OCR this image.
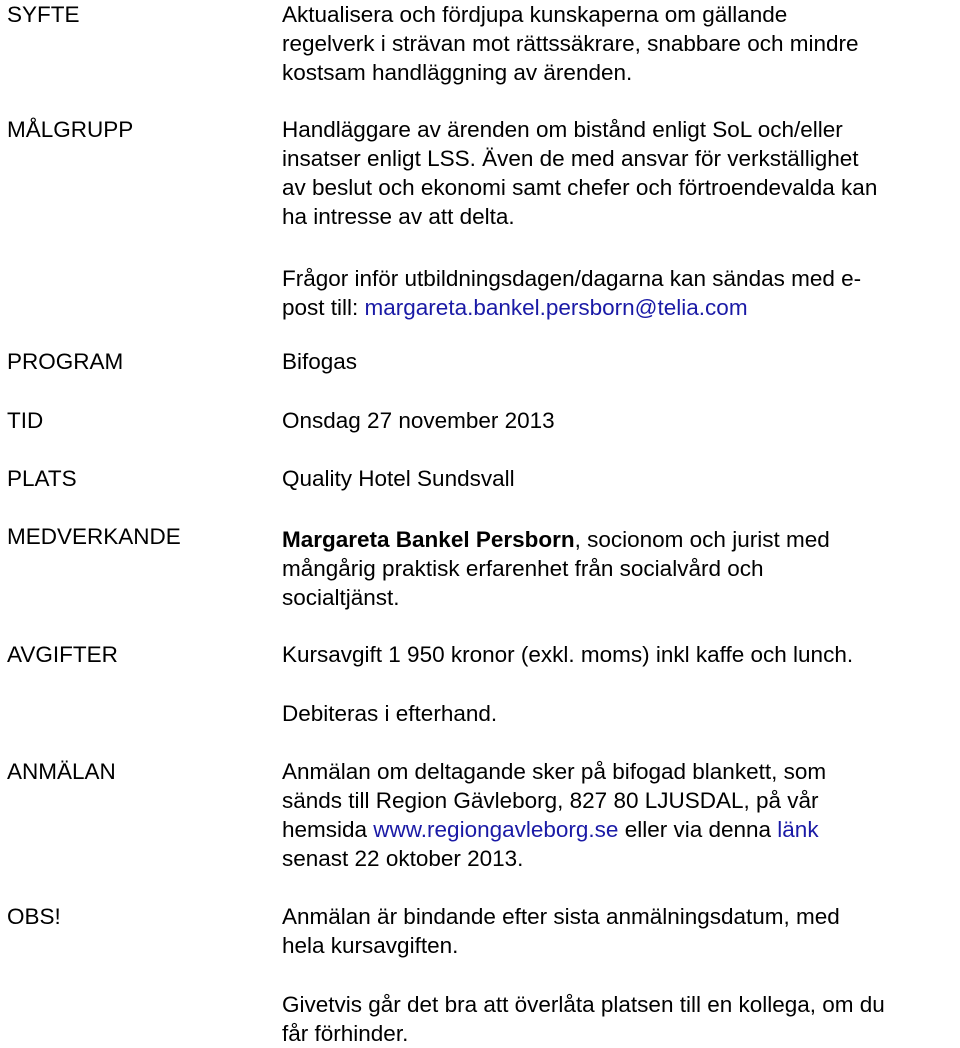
SYFTE	Aktualisera och fördjupa kunskaperna om gällande
regelverk i strävan mot rättssäkrare, snabbare och mindre
kostsam handläggning av ärenden.
MÅLGRUPP	Handläggare av ärenden om bistånd enligt SoL och/eller
insatser enligt LSS. Även de med ansvar för verkställighet
av beslut och ekonomi samt chefer och förtroendevalda kan
ha intresse av att delta.
Frågor inför utbildningsdagen/dagarna kan sändas med e-
post till: margareta.bankel.persborn@telia.com
PROGRAM	Bifogas
TID	Onsdag 27 november 2013
PLATS	Quality Hotel Sundsvall
MEDVERKANDE	Margareta Bankel Persborn, socionom och jurist med
mångårig praktisk erfarenhet från socialvård och
socialtjänst.
AVGIFTER	Kursavgift 1 950 kronor (exkl. moms) inkl kaffe och lunch.
Debiteras i efterhand.
ANMÄLAN	Anmälan om deltagande sker på bifogad blankett, som
sänds till Region Gävleborg, 827 80 LJUSDAL, på vår
hemsida www.regiongavleborg.se eller via denna länk
senast 22 oktober 2013.
OBS!	Anmälan är bindande efter sista anmälningsdatum, med
hela kursavgiften.
Givetvis går det bra att överlåta platsen till en kollega, om du
får förhinder.
